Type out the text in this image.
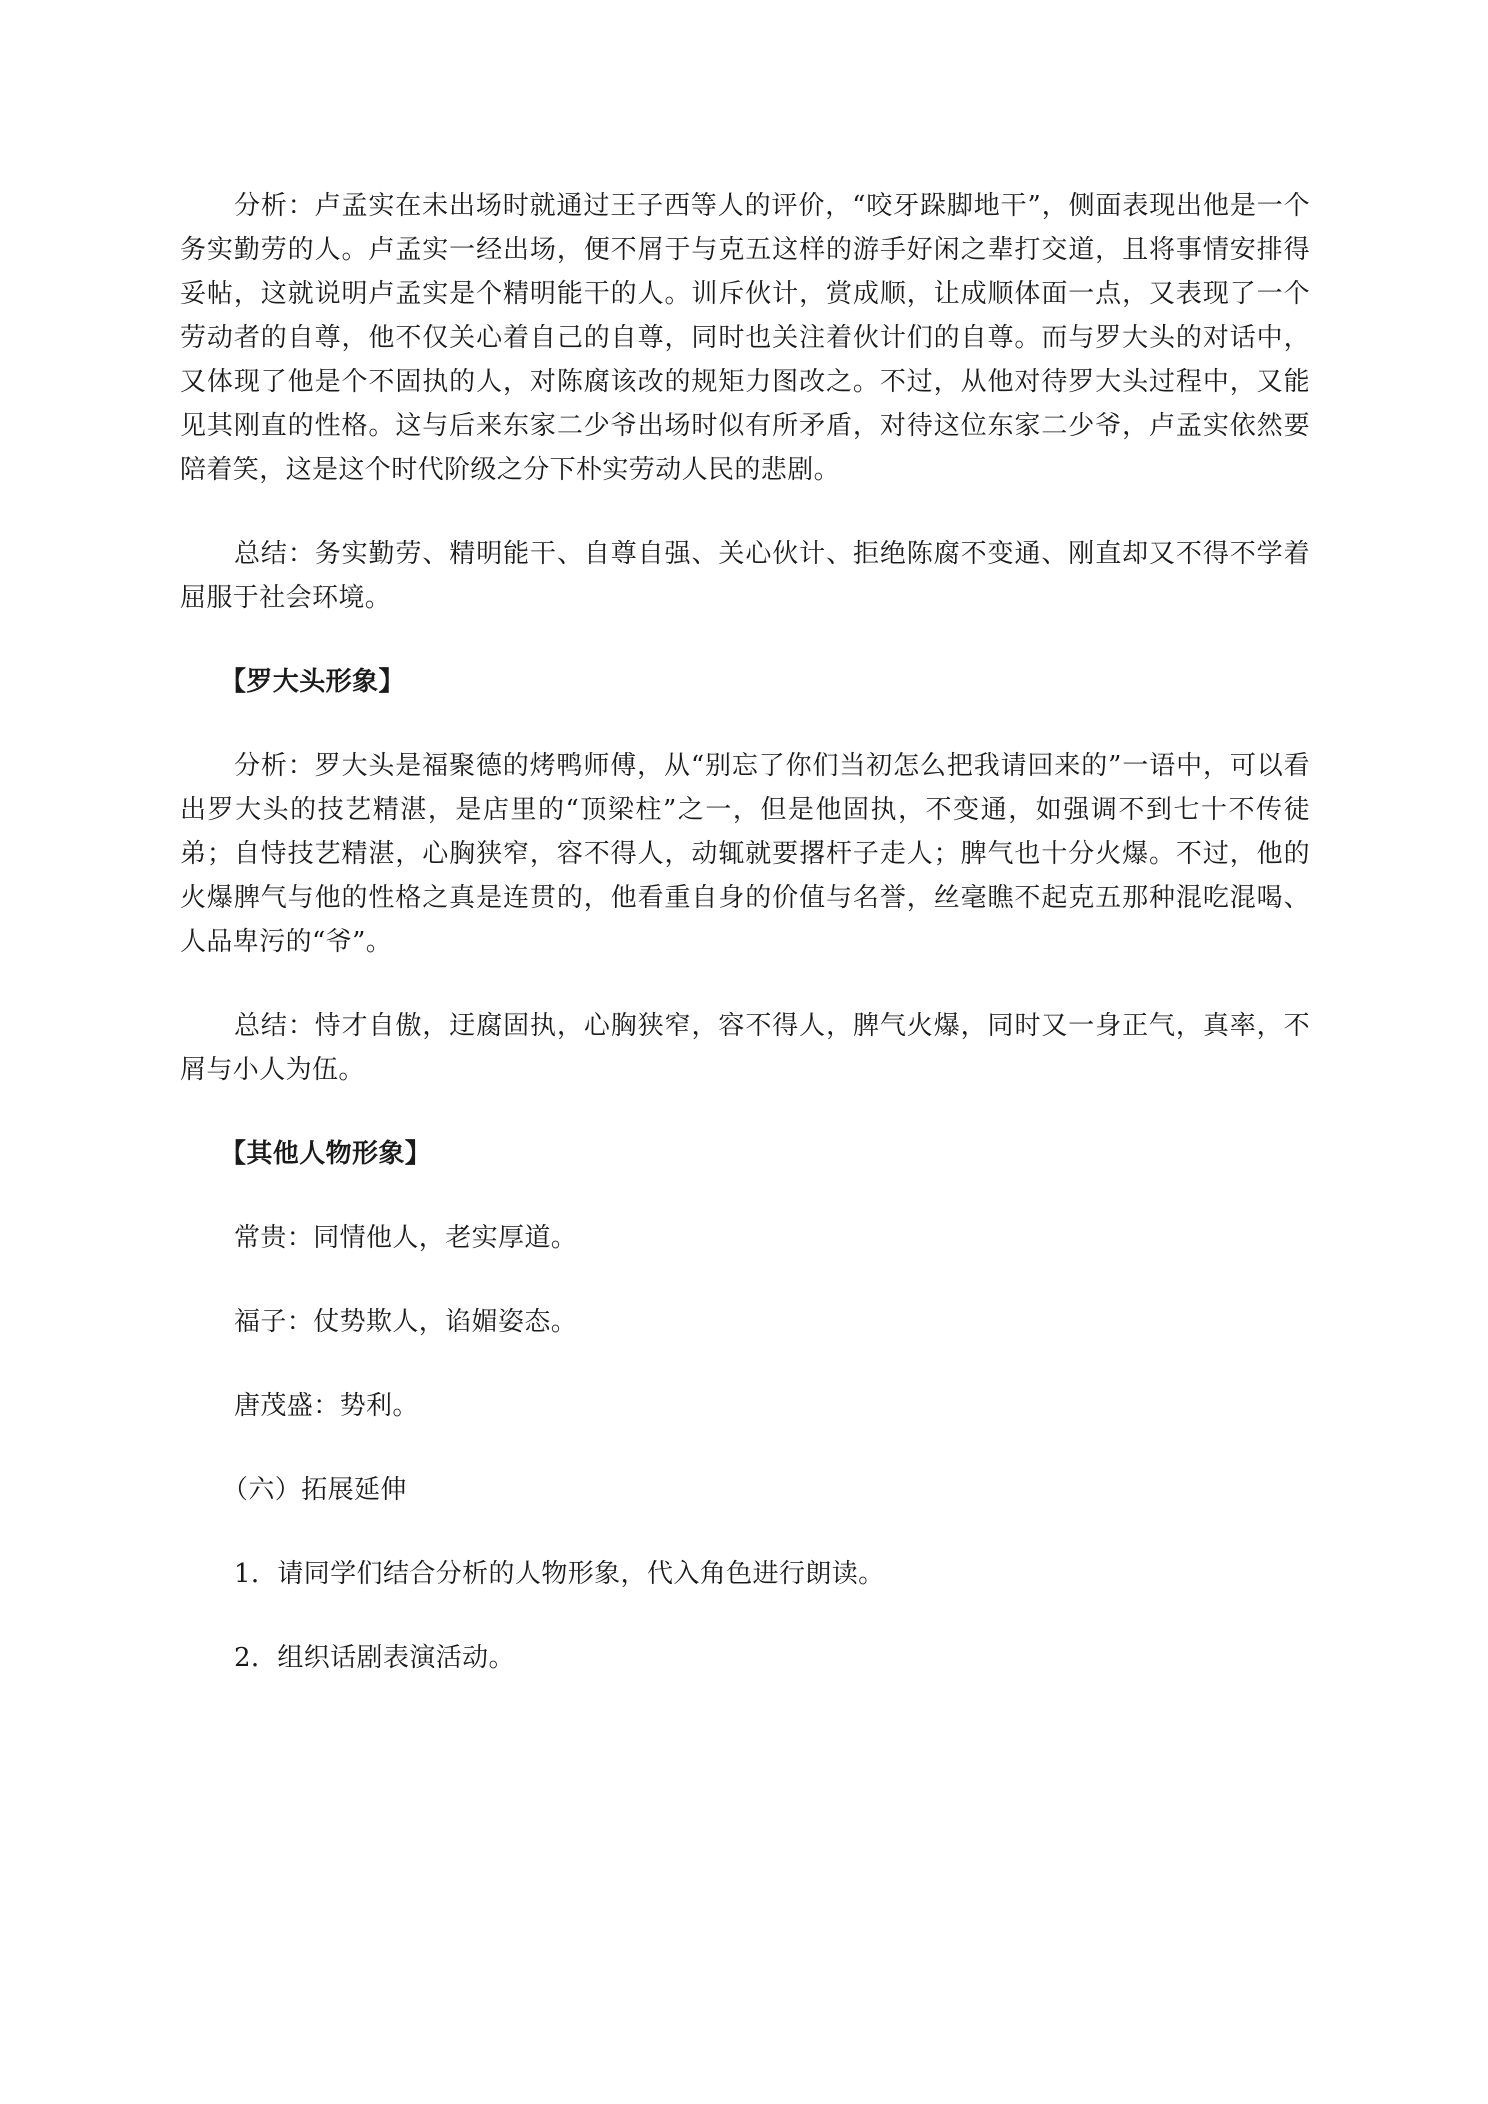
分析：卢孟实在未出场时就通过王子西等人的评价，“咬牙跺脚地干”，侧面表现出他是一个务实勤劳的人。卢孟实一经出场，便不屑于与克五这样的游手好闲之辈打交道，且将事情安排得妥帖，这就说明卢孟实是个精明能干的人。训斥伙计，赏成顺，让成顺体面一点，又表现了一个劳动者的自尊，他不仅关心着自己的自尊，同时也关注着伙计们的自尊。而与罗大头的对话中，又体现了他是个不固执的人，对陈腐该改的规矩力图改之。不过，从他对待罗大头过程中，又能见其刚直的性格。这与后来东家二少爷出场时似有所矛盾，对待这位东家二少爷，卢孟实依然要陪着笑，这是这个时代阶级之分下朴实劳动人民的悲剧。

总结：务实勤劳、精明能干、自尊自强、关心伙计、拒绝陈腐不变通、刚直却又不得不学着屈服于社会环境。

【罗大头形象】

分析：罗大头是福聚德的烤鸭师傅，从“别忘了你们当初怎么把我请回来的”一语中，可以看出罗大头的技艺精湛，是店里的“顶梁柱”之一，但是他固执，不变通，如强调不到七十不传徒弟；自恃技艺精湛，心胸狭窄，容不得人，动辄就要撂杆子走人；脾气也十分火爆。不过，他的火爆脾气与他的性格之真是连贯的，他看重自身的价值与名誉，丝毫瞧不起克五那种混吃混喝、人品卑污的“爷”。

总结：恃才自傲，迂腐固执，心胸狭窄，容不得人，脾气火爆，同时又一身正气，真率，不屑与小人为伍。

【其他人物形象】

常贵：同情他人，老实厚道。

福子：仗势欺人，谄媚姿态。

唐茂盛：势利。

（六）拓展延伸

1．请同学们结合分析的人物形象，代入角色进行朗读。

2．组织话剧表演活动。
